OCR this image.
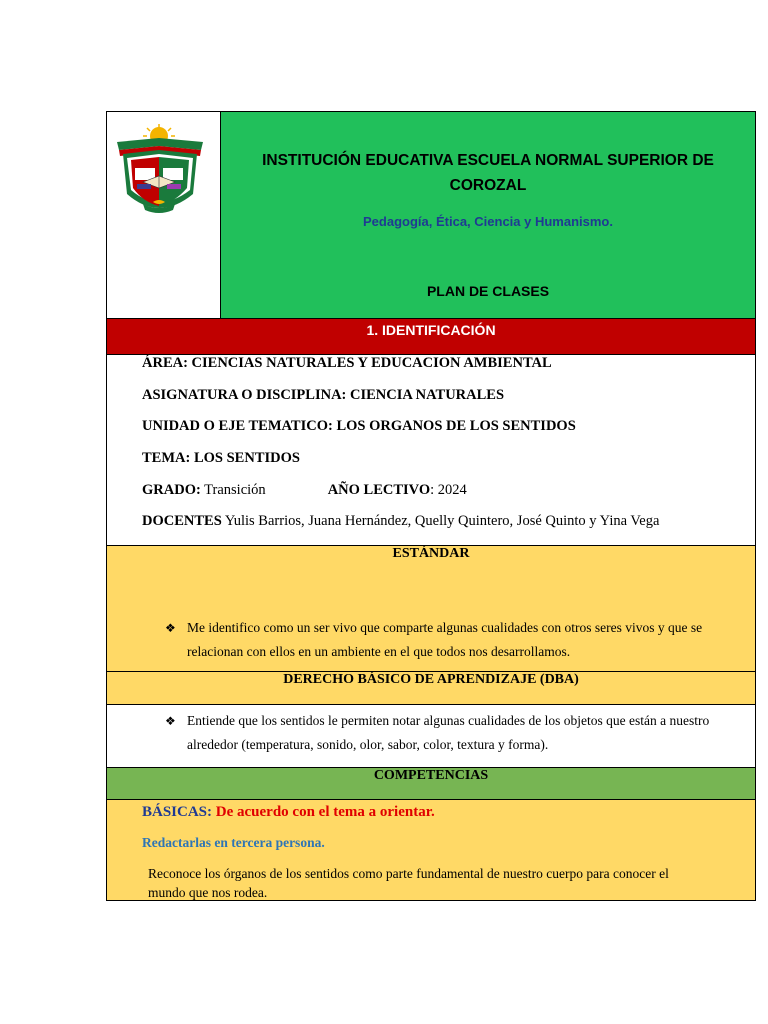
INSTITUCIÓN EDUCATIVA ESCUELA NORMAL SUPERIOR DE COROZAL
Pedagogía, Ética, Ciencia y Humanismo.
PLAN DE CLASES
1. IDENTIFICACIÓN

ÁREA: CIENCIAS NATURALES Y EDUCACION AMBIENTAL

ASIGNATURA O DISCIPLINA: CIENCIA NATURALES

UNIDAD O EJE TEMATICO: LOS ORGANOS DE LOS SENTIDOS

TEMA: LOS SENTIDOS

GRADO: Transición	AÑO LECTIVO: 2024

DOCENTES Yulis Barrios, Juana Hernández, Quelly Quintero, José Quinto y Yina Vega

ESTÁNDAR
❖ Me identifico como un ser vivo que comparte algunas cualidades con otros seres vivos y que se relacionan con ellos en un ambiente en el que todos nos desarrollamos.
DERECHO BÁSICO DE APRENDIZAJE (DBA)
❖ Entiende que los sentidos le permiten notar algunas cualidades de los objetos que están a nuestro alrededor (temperatura, sonido, olor, sabor, color, textura y forma).
COMPETENCIAS
BÁSICAS: De acuerdo con el tema a orientar.
Redactarlas en tercera persona.
Reconoce los órganos de los sentidos como parte fundamental de nuestro cuerpo para conocer el mundo que nos rodea.
